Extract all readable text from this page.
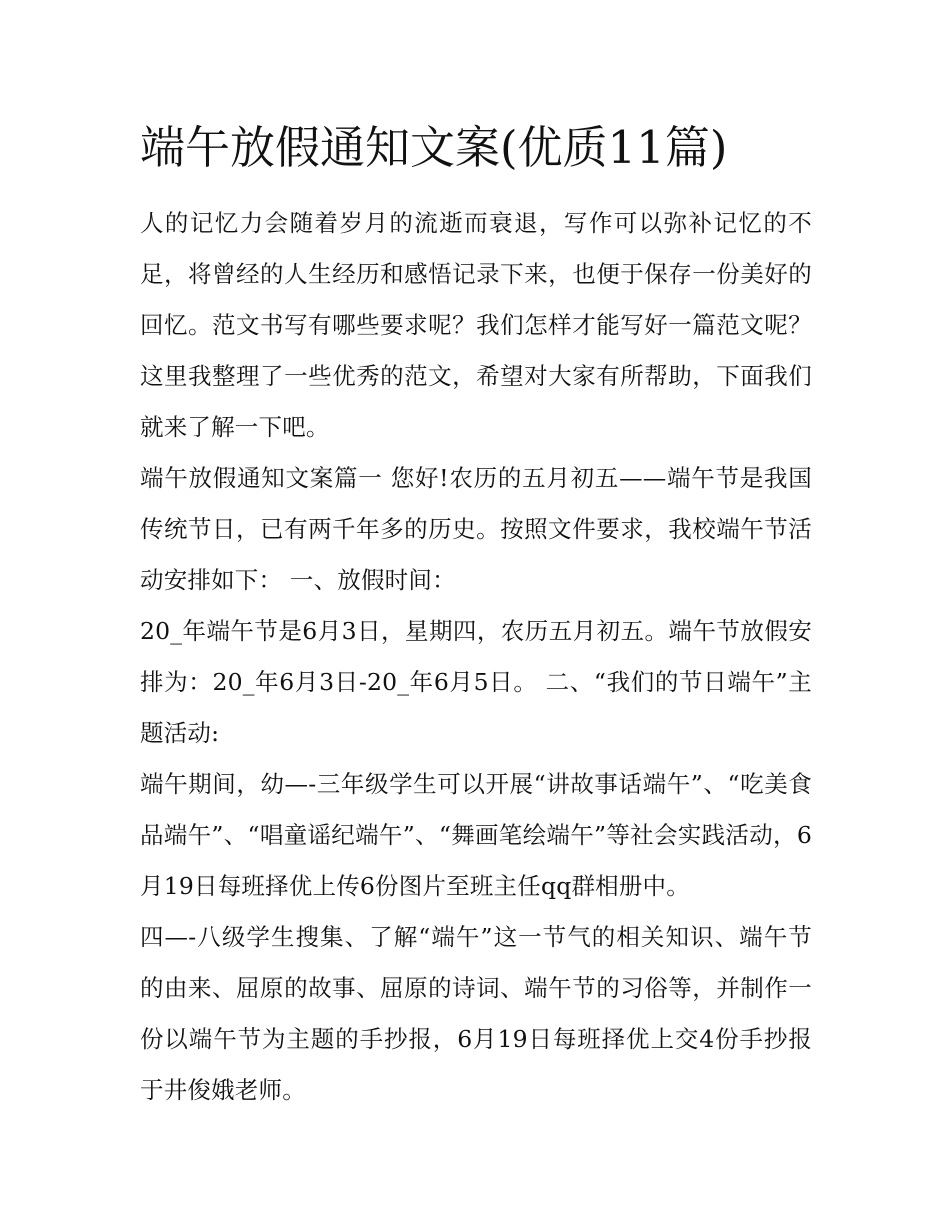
端午放假通知文案(优质11篇)

人的记忆力会随着岁月的流逝而衰退，写作可以弥补记忆的不足，将曾经的人生经历和感悟记录下来，也便于保存一份美好的回忆。范文书写有哪些要求呢？我们怎样才能写好一篇范文呢？这里我整理了一些优秀的范文，希望对大家有所帮助，下面我们就来了解一下吧。

端午放假通知文案篇一 您好!农历的五月初五——端午节是我国传统节日，已有两千年多的历史。按照文件要求，我校端午节活动安排如下： 一、放假时间：

20_年端午节是6月3日，星期四，农历五月初五。端午节放假安排为：20_年6月3日-20_年6月5日。 二、“我们的节日端午”主题活动:

端午期间，幼—-三年级学生可以开展“讲故事话端午”、“吃美食品端午”、“唱童谣纪端午”、“舞画笔绘端午”等社会实践活动，6月19日每班择优上传6份图片至班主任qq群相册中。

四—-八级学生搜集、了解“端午”这一节气的相关知识、端午节的由来、屈原的故事、屈原的诗词、端午节的习俗等，并制作一份以端午节为主题的手抄报，6月19日每班择优上交4份手抄报于井俊娥老师。
